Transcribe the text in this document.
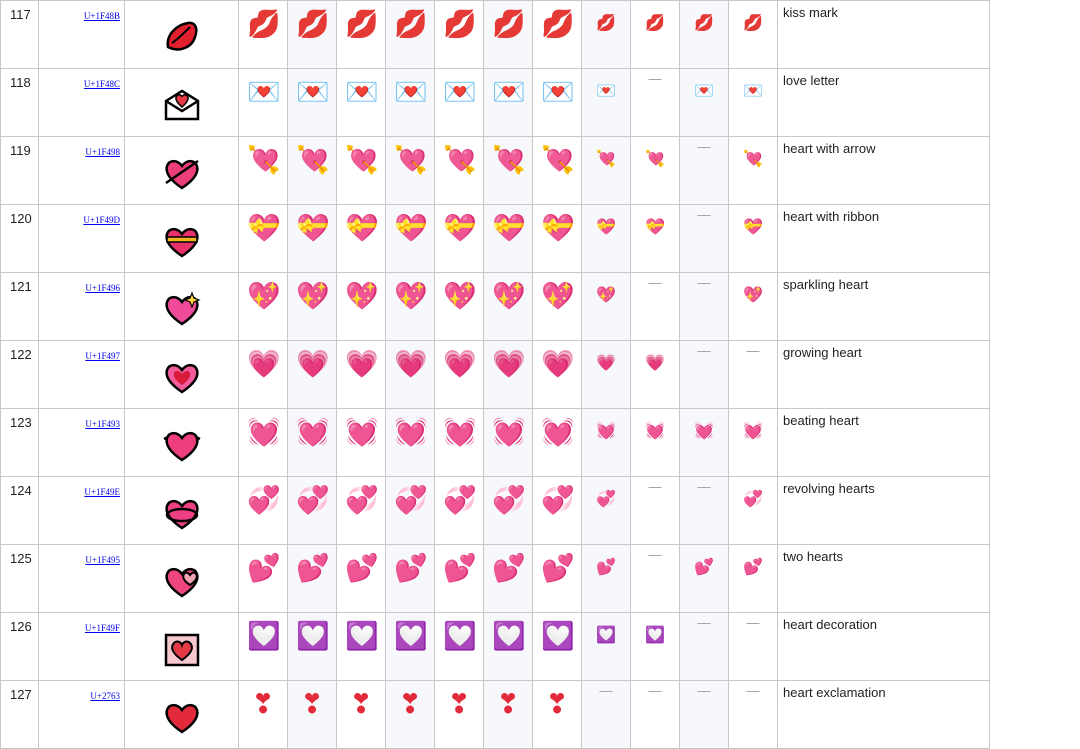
117	U+1F48B		💋	💋	💋	💋	💋	💋	💋	💋	💋	💋	💋	kiss mark
118	U+1F48C		💌	💌	💌	💌	💌	💌	💌	💌	—	💌	💌	love letter
119	U+1F498		💘	💘	💘	💘	💘	💘	💘	💘	💘	—	💘	heart with arrow
120	U+1F49D		💝	💝	💝	💝	💝	💝	💝	💝	💝	—	💝	heart with ribbon
121	U+1F496		💖	💖	💖	💖	💖	💖	💖	💖	—	—	💖	sparkling heart
122	U+1F497		💗	💗	💗	💗	💗	💗	💗	💗	💗	—	—	growing heart
123	U+1F493		💓	💓	💓	💓	💓	💓	💓	💓	💓	💓	💓	beating heart
124	U+1F49E		💞	💞	💞	💞	💞	💞	💞	💞	—	—	💞	revolving hearts
125	U+1F495		💕	💕	💕	💕	💕	💕	💕	💕	—	💕	💕	two hearts
126	U+1F49F		💟	💟	💟	💟	💟	💟	💟	💟	💟	—	—	heart decoration
127	U+2763		❣	❣	❣	❣	❣	❣	❣	—	—	—	—	heart exclamation
